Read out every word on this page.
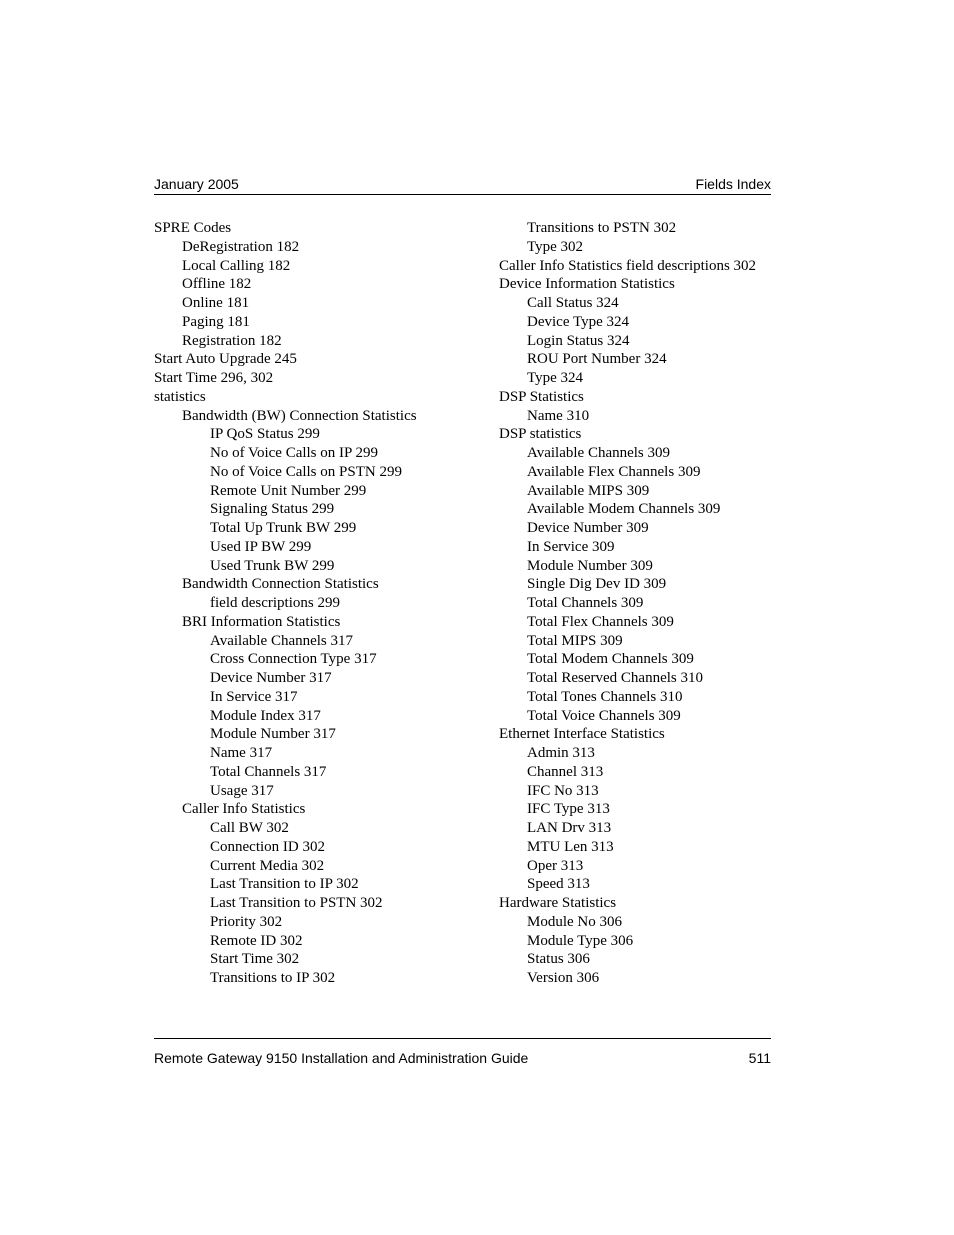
January 2005	Fields Index
SPRE Codes
DeRegistration 182
Local Calling 182
Offline 182
Online 181
Paging 181
Registration 182
Start Auto Upgrade 245
Start Time 296, 302
statistics
Bandwidth (BW) Connection Statistics
IP QoS Status 299
No of Voice Calls on IP 299
No of Voice Calls on PSTN 299
Remote Unit Number 299
Signaling Status 299
Total Up Trunk BW 299
Used IP BW 299
Used Trunk BW 299
Bandwidth Connection Statistics
field descriptions 299
BRI Information Statistics
Available Channels 317
Cross Connection Type 317
Device Number 317
In Service 317
Module Index 317
Module Number 317
Name 317
Total Channels 317
Usage 317
Caller Info Statistics
Call BW 302
Connection ID 302
Current Media 302
Last Transition to IP 302
Last Transition to PSTN 302
Priority 302
Remote ID 302
Start Time 302
Transitions to IP 302
Transitions to PSTN 302
Type 302
Caller Info Statistics field descriptions 302
Device Information Statistics
Call Status 324
Device Type 324
Login Status 324
ROU Port Number 324
Type 324
DSP Statistics
Name 310
DSP statistics
Available Channels 309
Available Flex Channels 309
Available MIPS 309
Available Modem Channels 309
Device Number 309
In Service 309
Module Number 309
Single Dig Dev ID 309
Total Channels 309
Total Flex Channels 309
Total MIPS 309
Total Modem Channels 309
Total Reserved Channels 310
Total Tones Channels 310
Total Voice Channels 309
Ethernet Interface Statistics
Admin 313
Channel 313
IFC No 313
IFC Type 313
LAN Drv 313
MTU Len 313
Oper 313
Speed 313
Hardware Statistics
Module No 306
Module Type 306
Status 306
Version 306
Remote Gateway 9150 Installation and Administration Guide	511
